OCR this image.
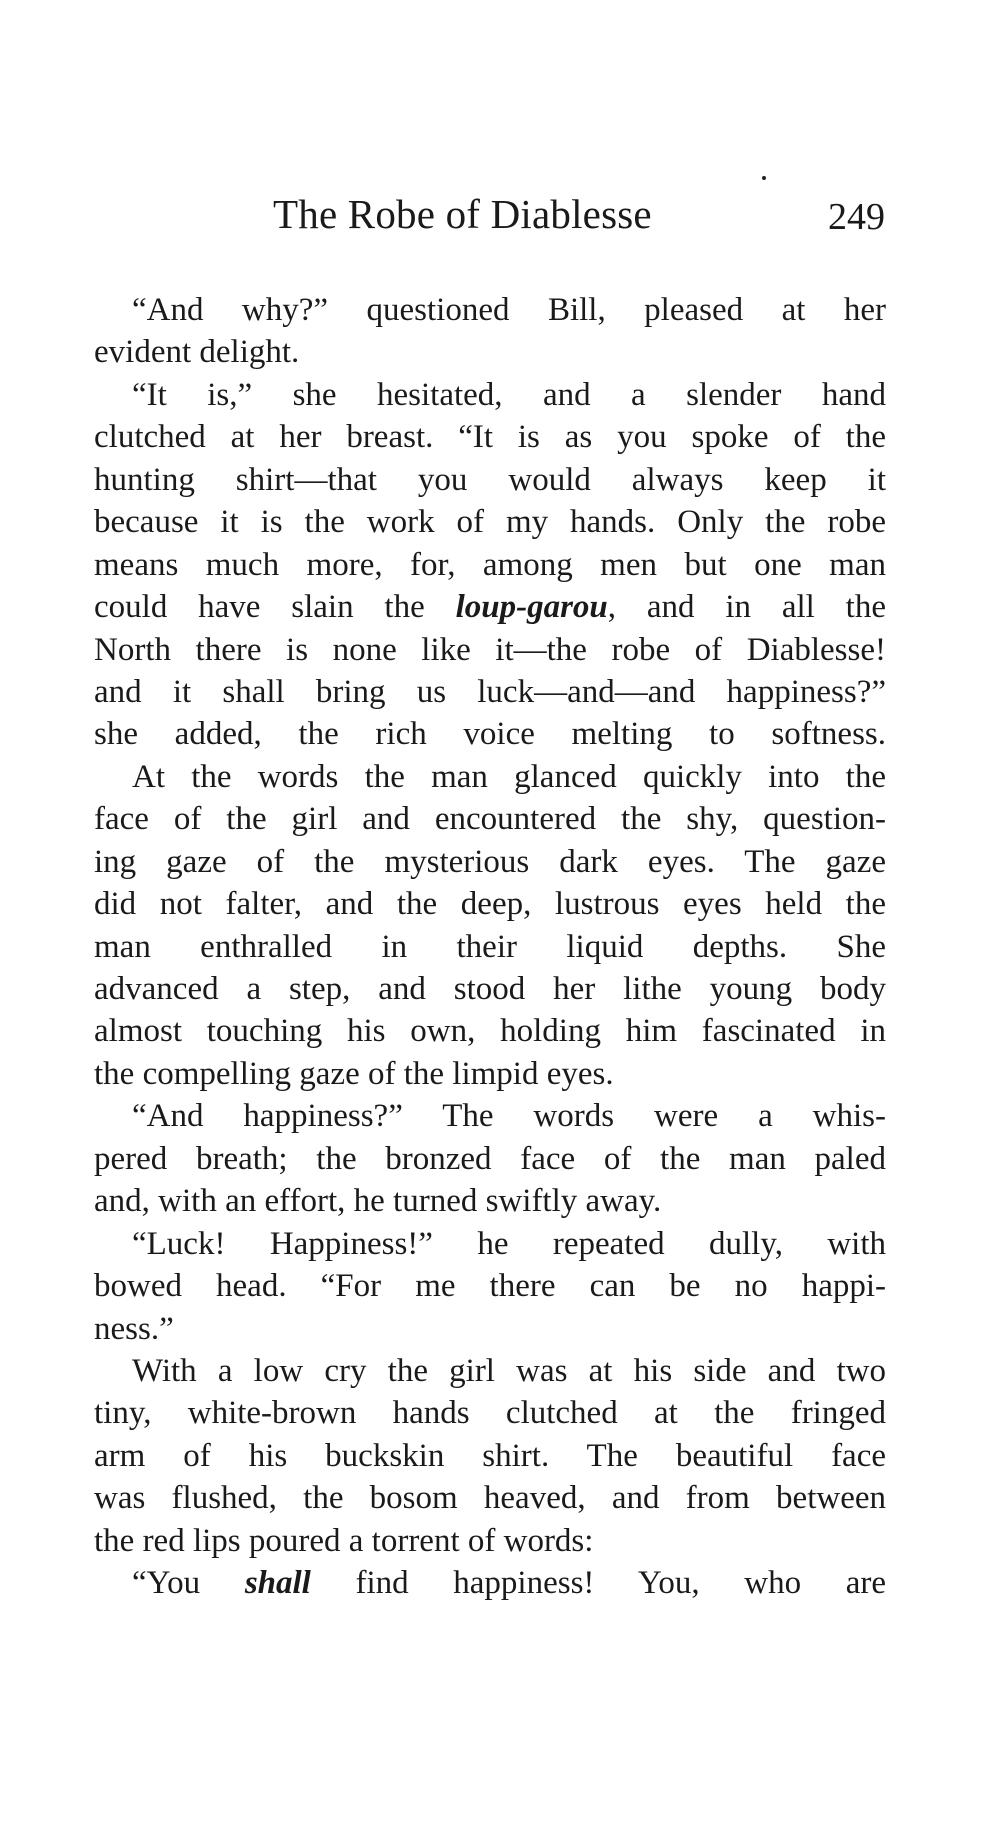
The Robe of Diablesse	249
“And why?” questioned Bill, pleased at her
evident delight.
“It is,” she hesitated, and a slender hand
clutched at her breast. “It is as you spoke of the
hunting shirt—that you would always keep it
because it is the work of my hands. Only the robe
means much more, for, among men but one man
could have slain the loup-garou, and in all the
North there is none like it—the robe of Diablesse!
and it shall bring us luck—and—and happiness?”
she added, the rich voice melting to softness.
At the words the man glanced quickly into the
face of the girl and encountered the shy, question-
ing gaze of the mysterious dark eyes. The gaze
did not falter, and the deep, lustrous eyes held the
man enthralled in their liquid depths. She
advanced a step, and stood her lithe young body
almost touching his own, holding him fascinated in
the compelling gaze of the limpid eyes.
“And happiness?” The words were a whis-
pered breath; the bronzed face of the man paled
and, with an effort, he turned swiftly away.
“Luck! Happiness!” he repeated dully, with
bowed head. “For me there can be no happi-
ness.”
With a low cry the girl was at his side and two
tiny, white-brown hands clutched at the fringed
arm of his buckskin shirt. The beautiful face
was flushed, the bosom heaved, and from between
the red lips poured a torrent of words:
“You shall find happiness! You, who are
